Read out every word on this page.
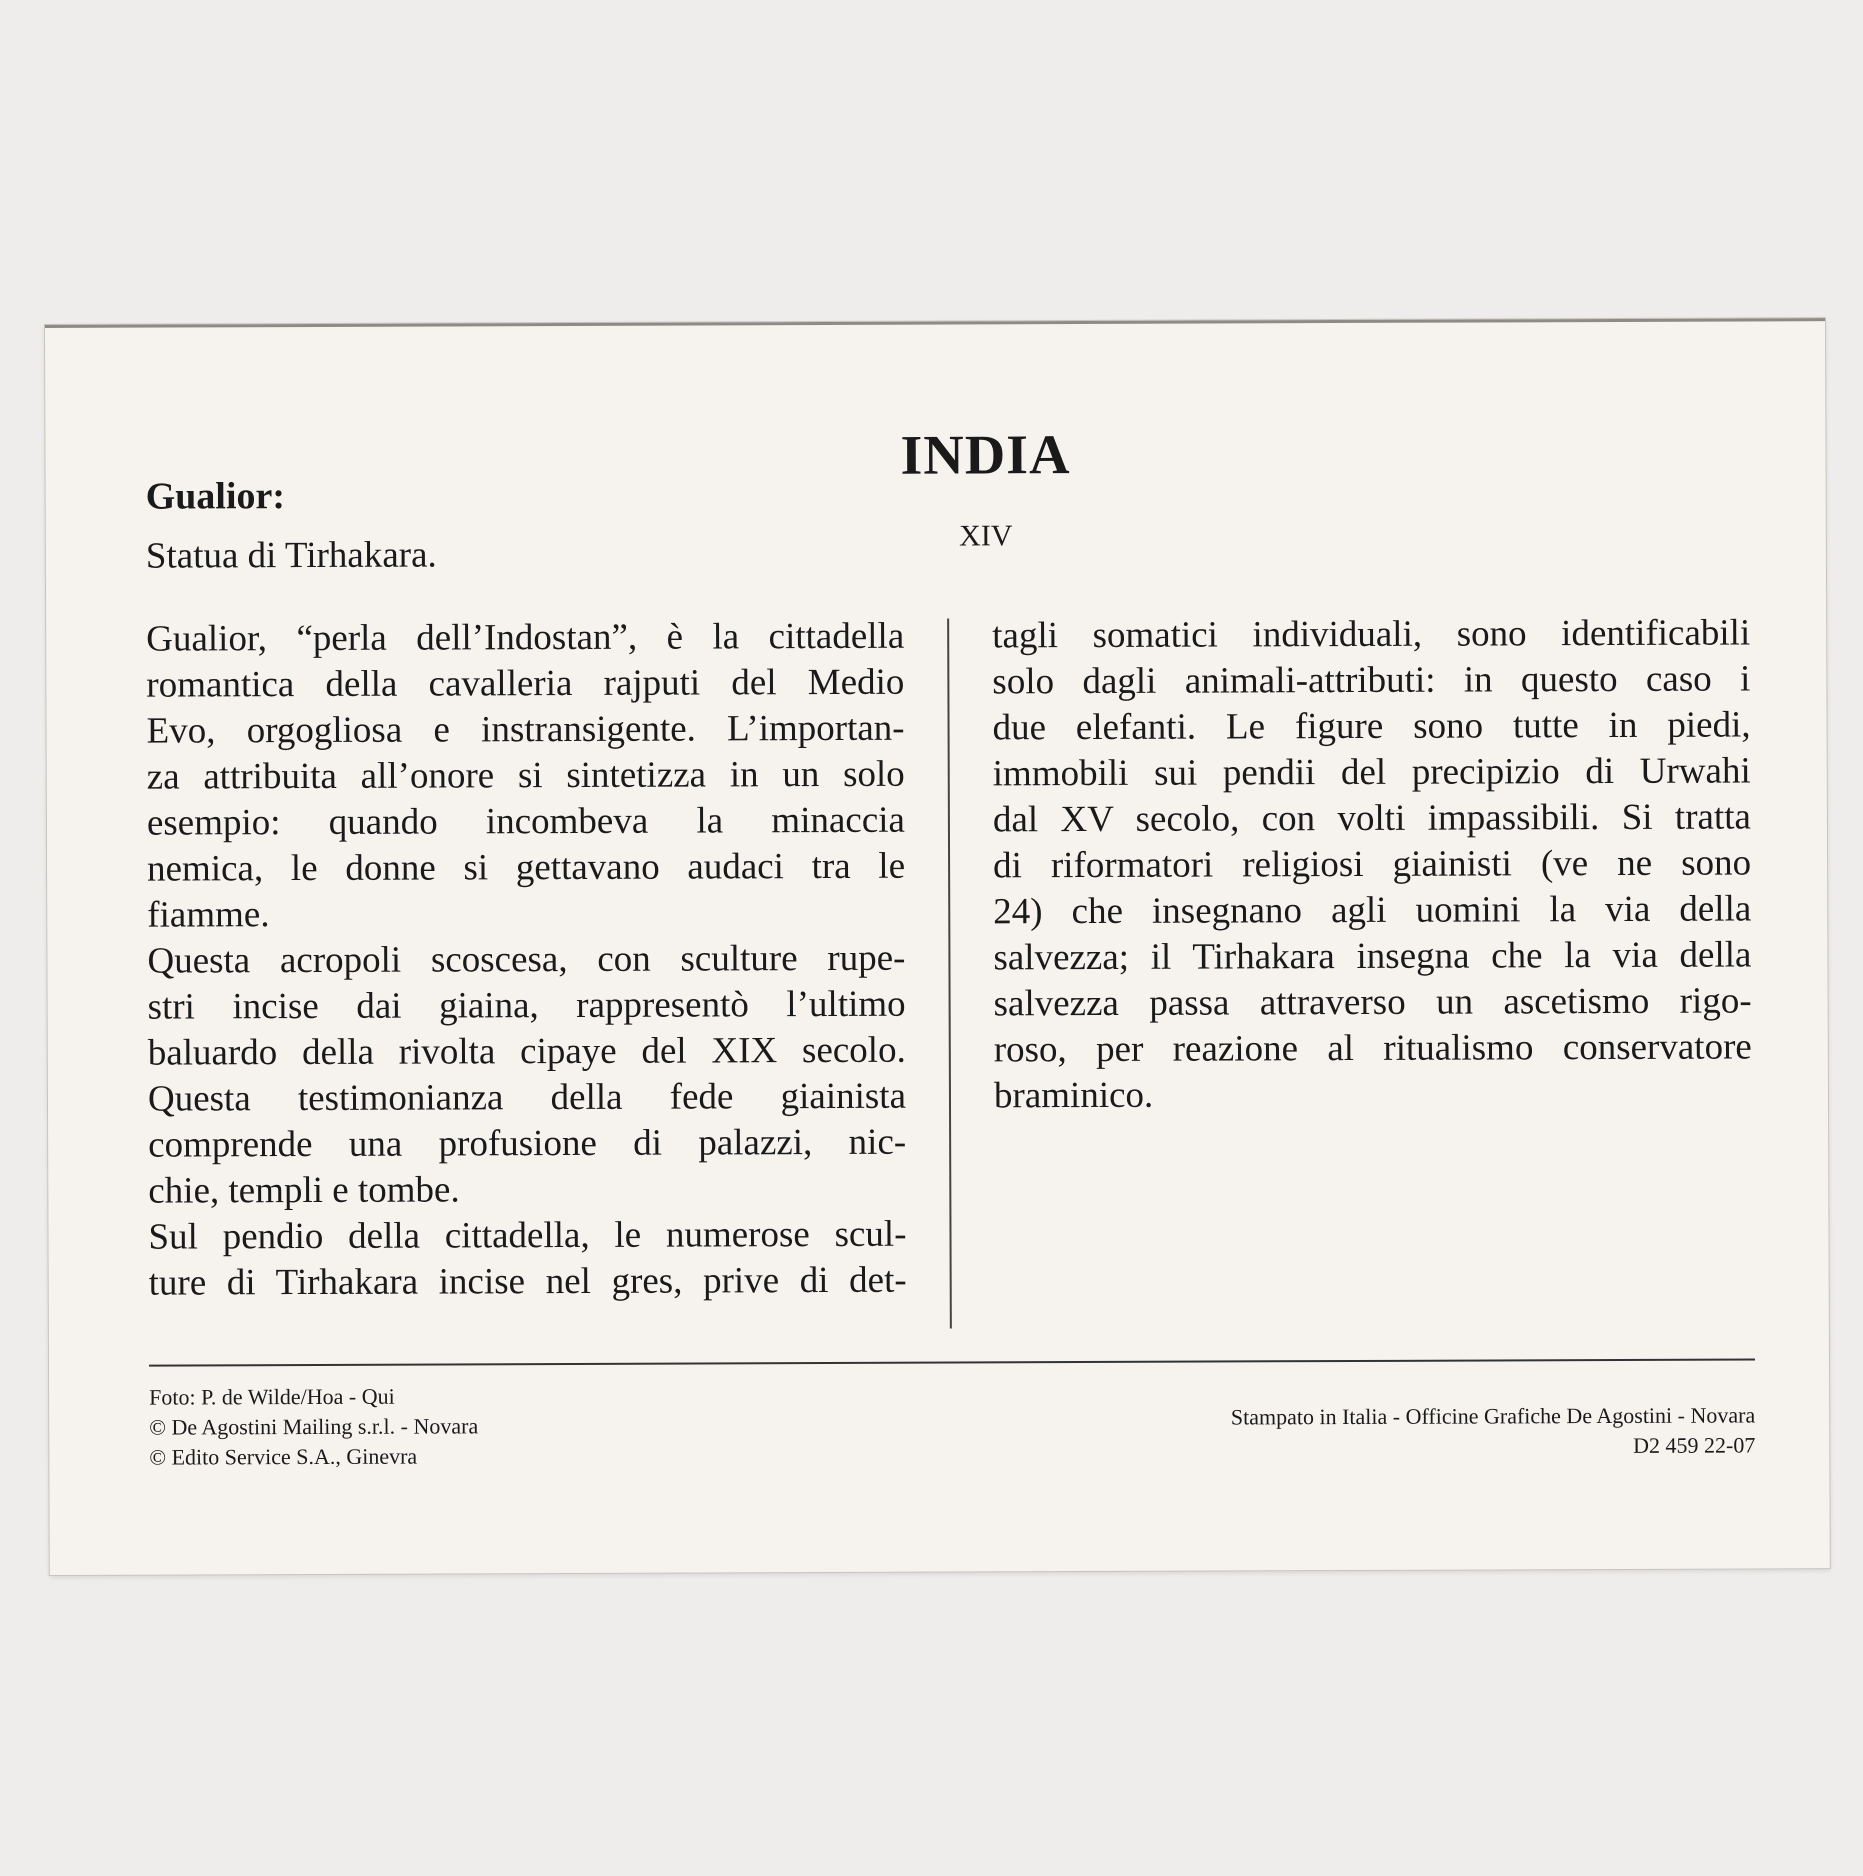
INDIA
XIV
Gualior:
Statua di Tirhakara.
Gualior, “perla dell’Indostan”, è la cittadella
romantica della cavalleria rajputi del Medio
Evo, orgogliosa e instransigente. L’importan-
za attribuita all’onore si sintetizza in un solo
esempio: quando incombeva la minaccia
nemica, le donne si gettavano audaci tra le
fiamme.
Questa acropoli scoscesa, con sculture rupe-
stri incise dai giaina, rappresentò l’ultimo
baluardo della rivolta cipaye del XIX secolo.
Questa testimonianza della fede giainista
comprende una profusione di palazzi, nic-
chie, templi e tombe.
Sul pendio della cittadella, le numerose scul-
ture di Tirhakara incise nel gres, prive di det-
tagli somatici individuali, sono identificabili
solo dagli animali-attributi: in questo caso i
due elefanti. Le figure sono tutte in piedi,
immobili sui pendii del precipizio di Urwahi
dal XV secolo, con volti impassibili. Si tratta
di riformatori religiosi giainisti (ve ne sono
24) che insegnano agli uomini la via della
salvezza; il Tirhakara insegna che la via della
salvezza passa attraverso un ascetismo rigo-
roso, per reazione al ritualismo conservatore
braminico.
Foto: P. de Wilde/Hoa - Qui
© De Agostini Mailing s.r.l. - Novara
© Edito Service S.A., Ginevra
Stampato in Italia - Officine Grafiche De Agostini - Novara
D2 459 22-07
